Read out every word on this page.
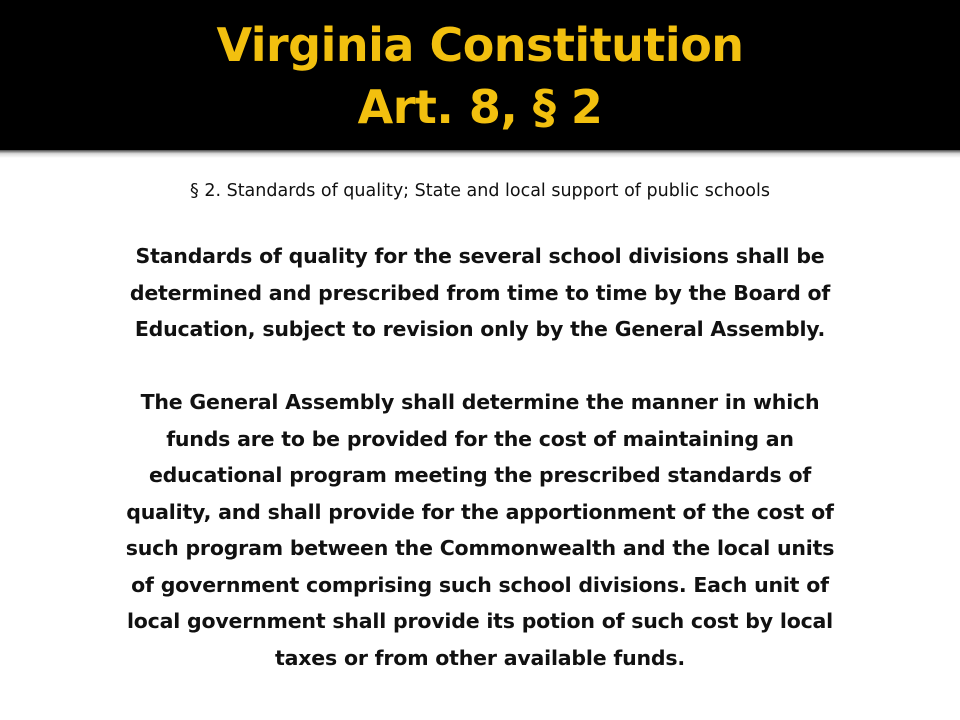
Virginia Constitution
Art. 8, § 2
§ 2. Standards of quality; State and local support of public schools
Standards of quality for the several school divisions shall be
determined and prescribed from time to time by the Board of
Education, subject to revision only by the General Assembly.
The General Assembly shall determine the manner in which
funds are to be provided for the cost of maintaining an
educational program meeting the prescribed standards of
quality, and shall provide for the apportionment of the cost of
such program between the Commonwealth and the local units
of government comprising such school divisions. Each unit of
local government shall provide its potion of such cost by local
taxes or from other available funds.
